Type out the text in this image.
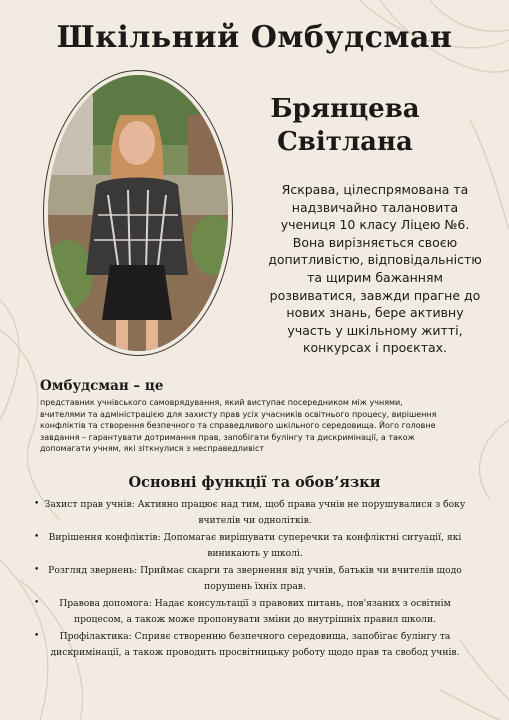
Шкільний Омбудсман
Брянцева
Світлана

Яскрава, цілеспрямована та надзвичайно талановита учениця 10 класу Ліцею №6. Вона вирізняється своєю допитливістю, відповідальністю та щирим бажанням розвиватися, завжди прагне до нових знань, бере активну участь у шкільному житті, конкурсах і проєктах.

Омбудсман – це

представник учнівського самоврядування, який виступає посередником між учнями, вчителями та адміністрацією для захисту прав усіх учасників освітнього процесу, вирішення конфліктів та створення безпечного та справедливого шкільного середовища. Його головне завдання – гарантувати дотримання прав, запобігати булінгу та дискримінації, а також допомагати учням, які зіткнулися з несправедливіст

Основні функції та обов’язки
• Захист прав учнів: Активно працює над тим, щоб права учнів не порушувалися з боку вчителів чи однолітків.
• Вирішення конфліктів: Допомагає вирішувати суперечки та конфліктні ситуації, які виникають у школі.
• Розгляд звернень: Приймає скарги та звернення від учнів, батьків чи вчителів щодо порушень їхніх прав.
• Правова допомога: Надає консультації з правових питань, пов'язаних з освітнім процесом, а також може пропонувати зміни до внутрішніх правил школи.
• Профілактика: Сприяє створенню безпечного середовища, запобігає булінгу та дискримінації, а також проводить просвітницьку роботу щодо прав та свобод учнів.
